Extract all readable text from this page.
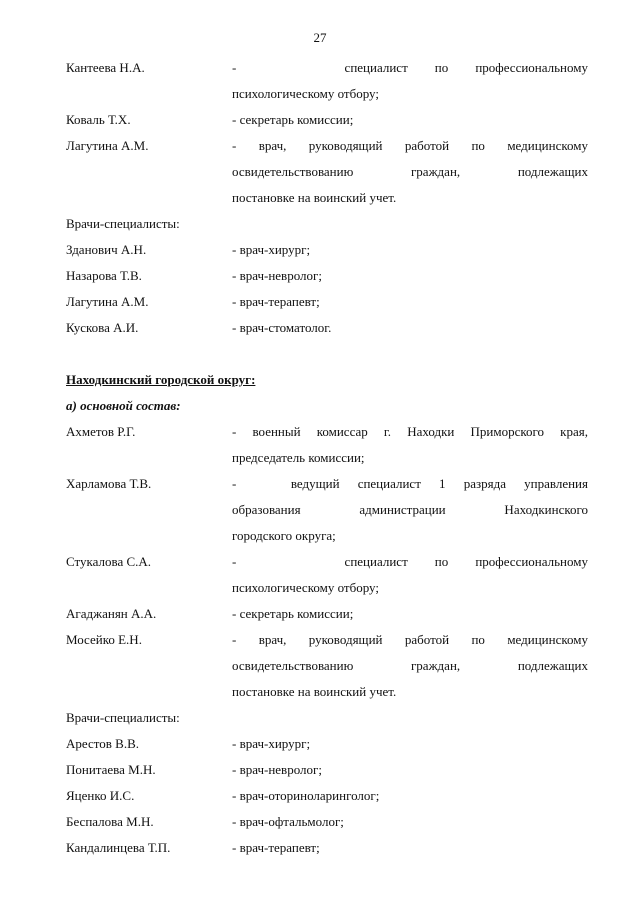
27
Кантеева Н.А.	-    специалист по профессиональному
психологическому отбору;
Коваль Т.Х.	- секретарь комиссии;
Лагутина А.М.	- врач, руководящий работой по медицинскому
освидетельствованию граждан, подлежащих
постановке на воинский учет.
Врачи-специалисты:
Зданович А.Н.	- врач-хирург;
Назарова Т.В.	- врач-невролог;
Лагутина А.М.	- врач-терапевт;
Кускова А.И.	- врач-стоматолог.
Находкинский городской округ:
а) основной состав:
Ахметов Р.Г.	- военный комиссар г. Находки Приморского края,
председатель комиссии;
Харламова Т.В.	-   ведущий специалист 1 разряда управления
образования администрации Находкинского
городского округа;
Стукалова С.А.	-    специалист по профессиональному
психологическому отбору;
Агаджанян А.А.	- секретарь комиссии;
Мосейко Е.Н.	- врач, руководящий работой по медицинскому
освидетельствованию граждан, подлежащих
постановке на воинский учет.
Врачи-специалисты:
Арестов В.В.	- врач-хирург;
Понитаева М.Н.	- врач-невролог;
Яценко И.С.	- врач-оториноларинголог;
Беспалова М.Н.	- врач-офтальмолог;
Кандалинцева Т.П.	- врач-терапевт;
